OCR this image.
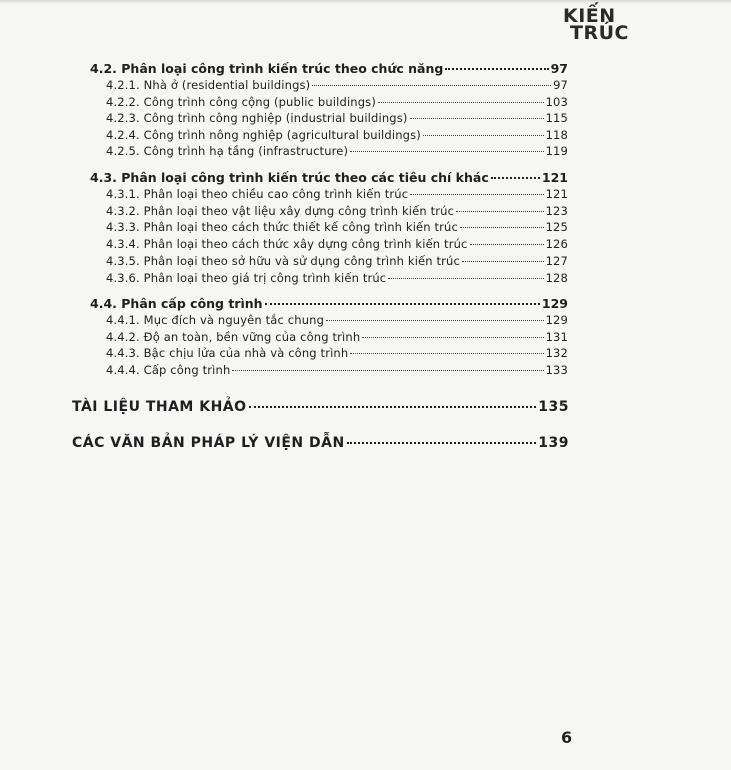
KIẾN
TRÚC
4.2. Phân loại công trình kiến trúc theo chức năng	97
4.2.1. Nhà ở (residential buildings)	97
4.2.2. Công trình công cộng (public buildings)	103
4.2.3. Công trình công nghiệp (industrial buildings)	115
4.2.4. Công trình nông nghiệp (agricultural buildings)	118
4.2.5. Công trình hạ tầng (infrastructure)	119
4.3. Phân loại công trình kiến trúc theo các tiêu chí khác	121
4.3.1. Phân loại theo chiều cao công trình kiến trúc	121
4.3.2. Phân loại theo vật liệu xây dựng công trình kiến trúc	123
4.3.3. Phân loại theo cách thức thiết kế công trình kiến trúc	125
4.3.4. Phân loại theo cách thức xây dựng công trình kiến trúc	126
4.3.5. Phân loại theo sở hữu và sử dụng công trình kiến trúc	127
4.3.6. Phân loại theo giá trị công trình kiến trúc	128
4.4. Phân cấp công trình	129
4.4.1. Mục đích và nguyên tắc chung	129
4.4.2. Độ an toàn, bền vững của công trình	131
4.4.3. Bậc chịu lửa của nhà và công trình	132
4.4.4. Cấp công trình	133
TÀI LIỆU THAM KHẢO	135
CÁC VĂN BẢN PHÁP LÝ VIỆN DẪN	139
6
